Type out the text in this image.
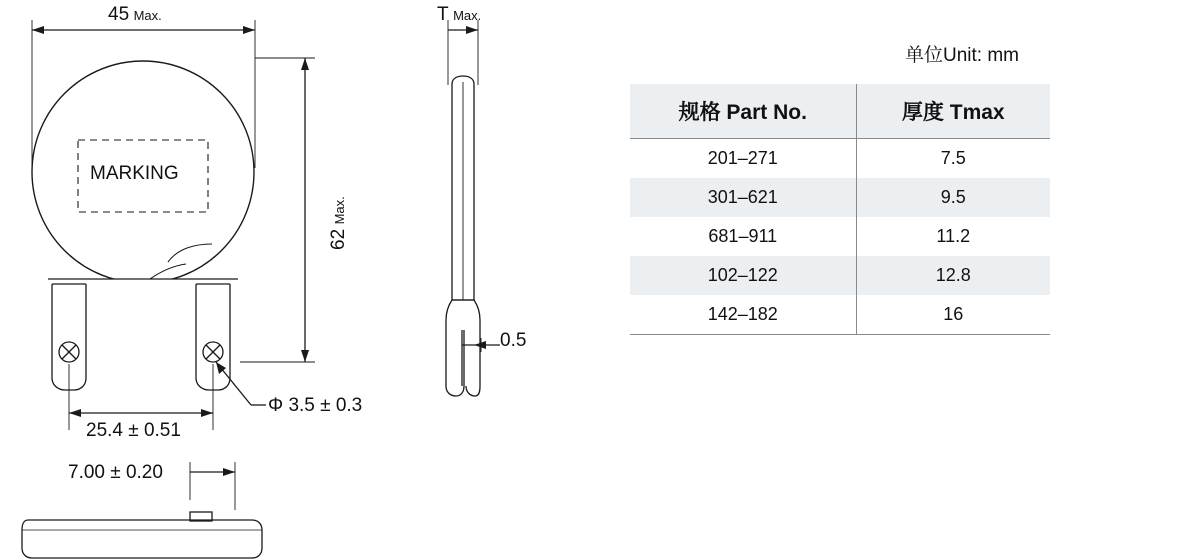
45 Max.
62 Max.
MARKING
25.4 ± 0.51
Φ 3.5 ± 0.3
T Max.
0.5
7.00 ± 0.20
单位Unit: mm
规格 Part No.	厚度 Tmax
201–271	7.5
301–621	9.5
681–911	11.2
102–122	12.8
142–182	16
